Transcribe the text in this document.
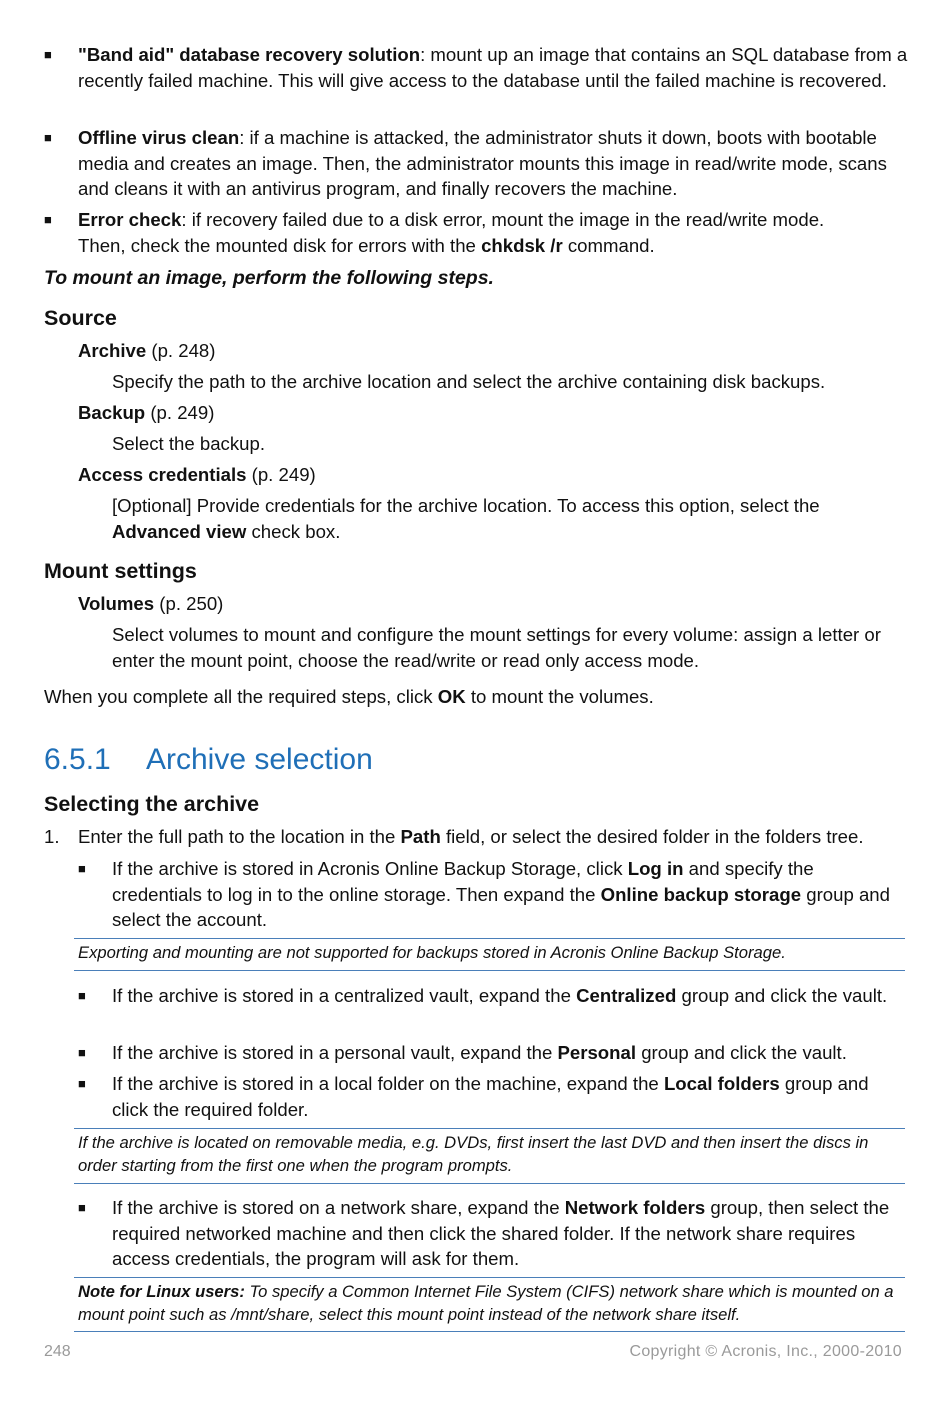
■
"Band aid" database recovery solution: mount up an image that contains an SQL database from a recently failed machine. This will give access to the database until the failed machine is recovered.
■
Offline virus clean: if a machine is attacked, the administrator shuts it down, boots with bootable media and creates an image. Then, the administrator mounts this image in read/write mode, scans and cleans it with an antivirus program, and finally recovers the machine.
■
Error check: if recovery failed due to a disk error, mount the image in the read/write mode. Then, check the mounted disk for errors with the chkdsk /r command.
To mount an image, perform the following steps.
Source
Archive (p. 248)
Specify the path to the archive location and select the archive containing disk backups.
Backup (p. 249)
Select the backup.
Access credentials (p. 249)
[Optional] Provide credentials for the archive location. To access this option, select the Advanced view check box.
Mount settings
Volumes (p. 250)
Select volumes to mount and configure the mount settings for every volume: assign a letter or enter the mount point, choose the read/write or read only access mode.
When you complete all the required steps, click OK to mount the volumes.
6.5.1 Archive selection
Selecting the archive
1. Enter the full path to the location in the Path field, or select the desired folder in the folders tree.
■
If the archive is stored in Acronis Online Backup Storage, click Log in and specify the credentials to log in to the online storage. Then expand the Online backup storage group and select the account.
Exporting and mounting are not supported for backups stored in Acronis Online Backup Storage.
■
If the archive is stored in a centralized vault, expand the Centralized group and click the vault.
■
If the archive is stored in a personal vault, expand the Personal group and click the vault.
■
If the archive is stored in a local folder on the machine, expand the Local folders group and click the required folder.
If the archive is located on removable media, e.g. DVDs, first insert the last DVD and then insert the discs in order starting from the first one when the program prompts.
■
If the archive is stored on a network share, expand the Network folders group, then select the required networked machine and then click the shared folder. If the network share requires access credentials, the program will ask for them.
Note for Linux users: To specify a Common Internet File System (CIFS) network share which is mounted on a mount point such as /mnt/share, select this mount point instead of the network share itself.
248	Copyright © Acronis, Inc., 2000-2010
